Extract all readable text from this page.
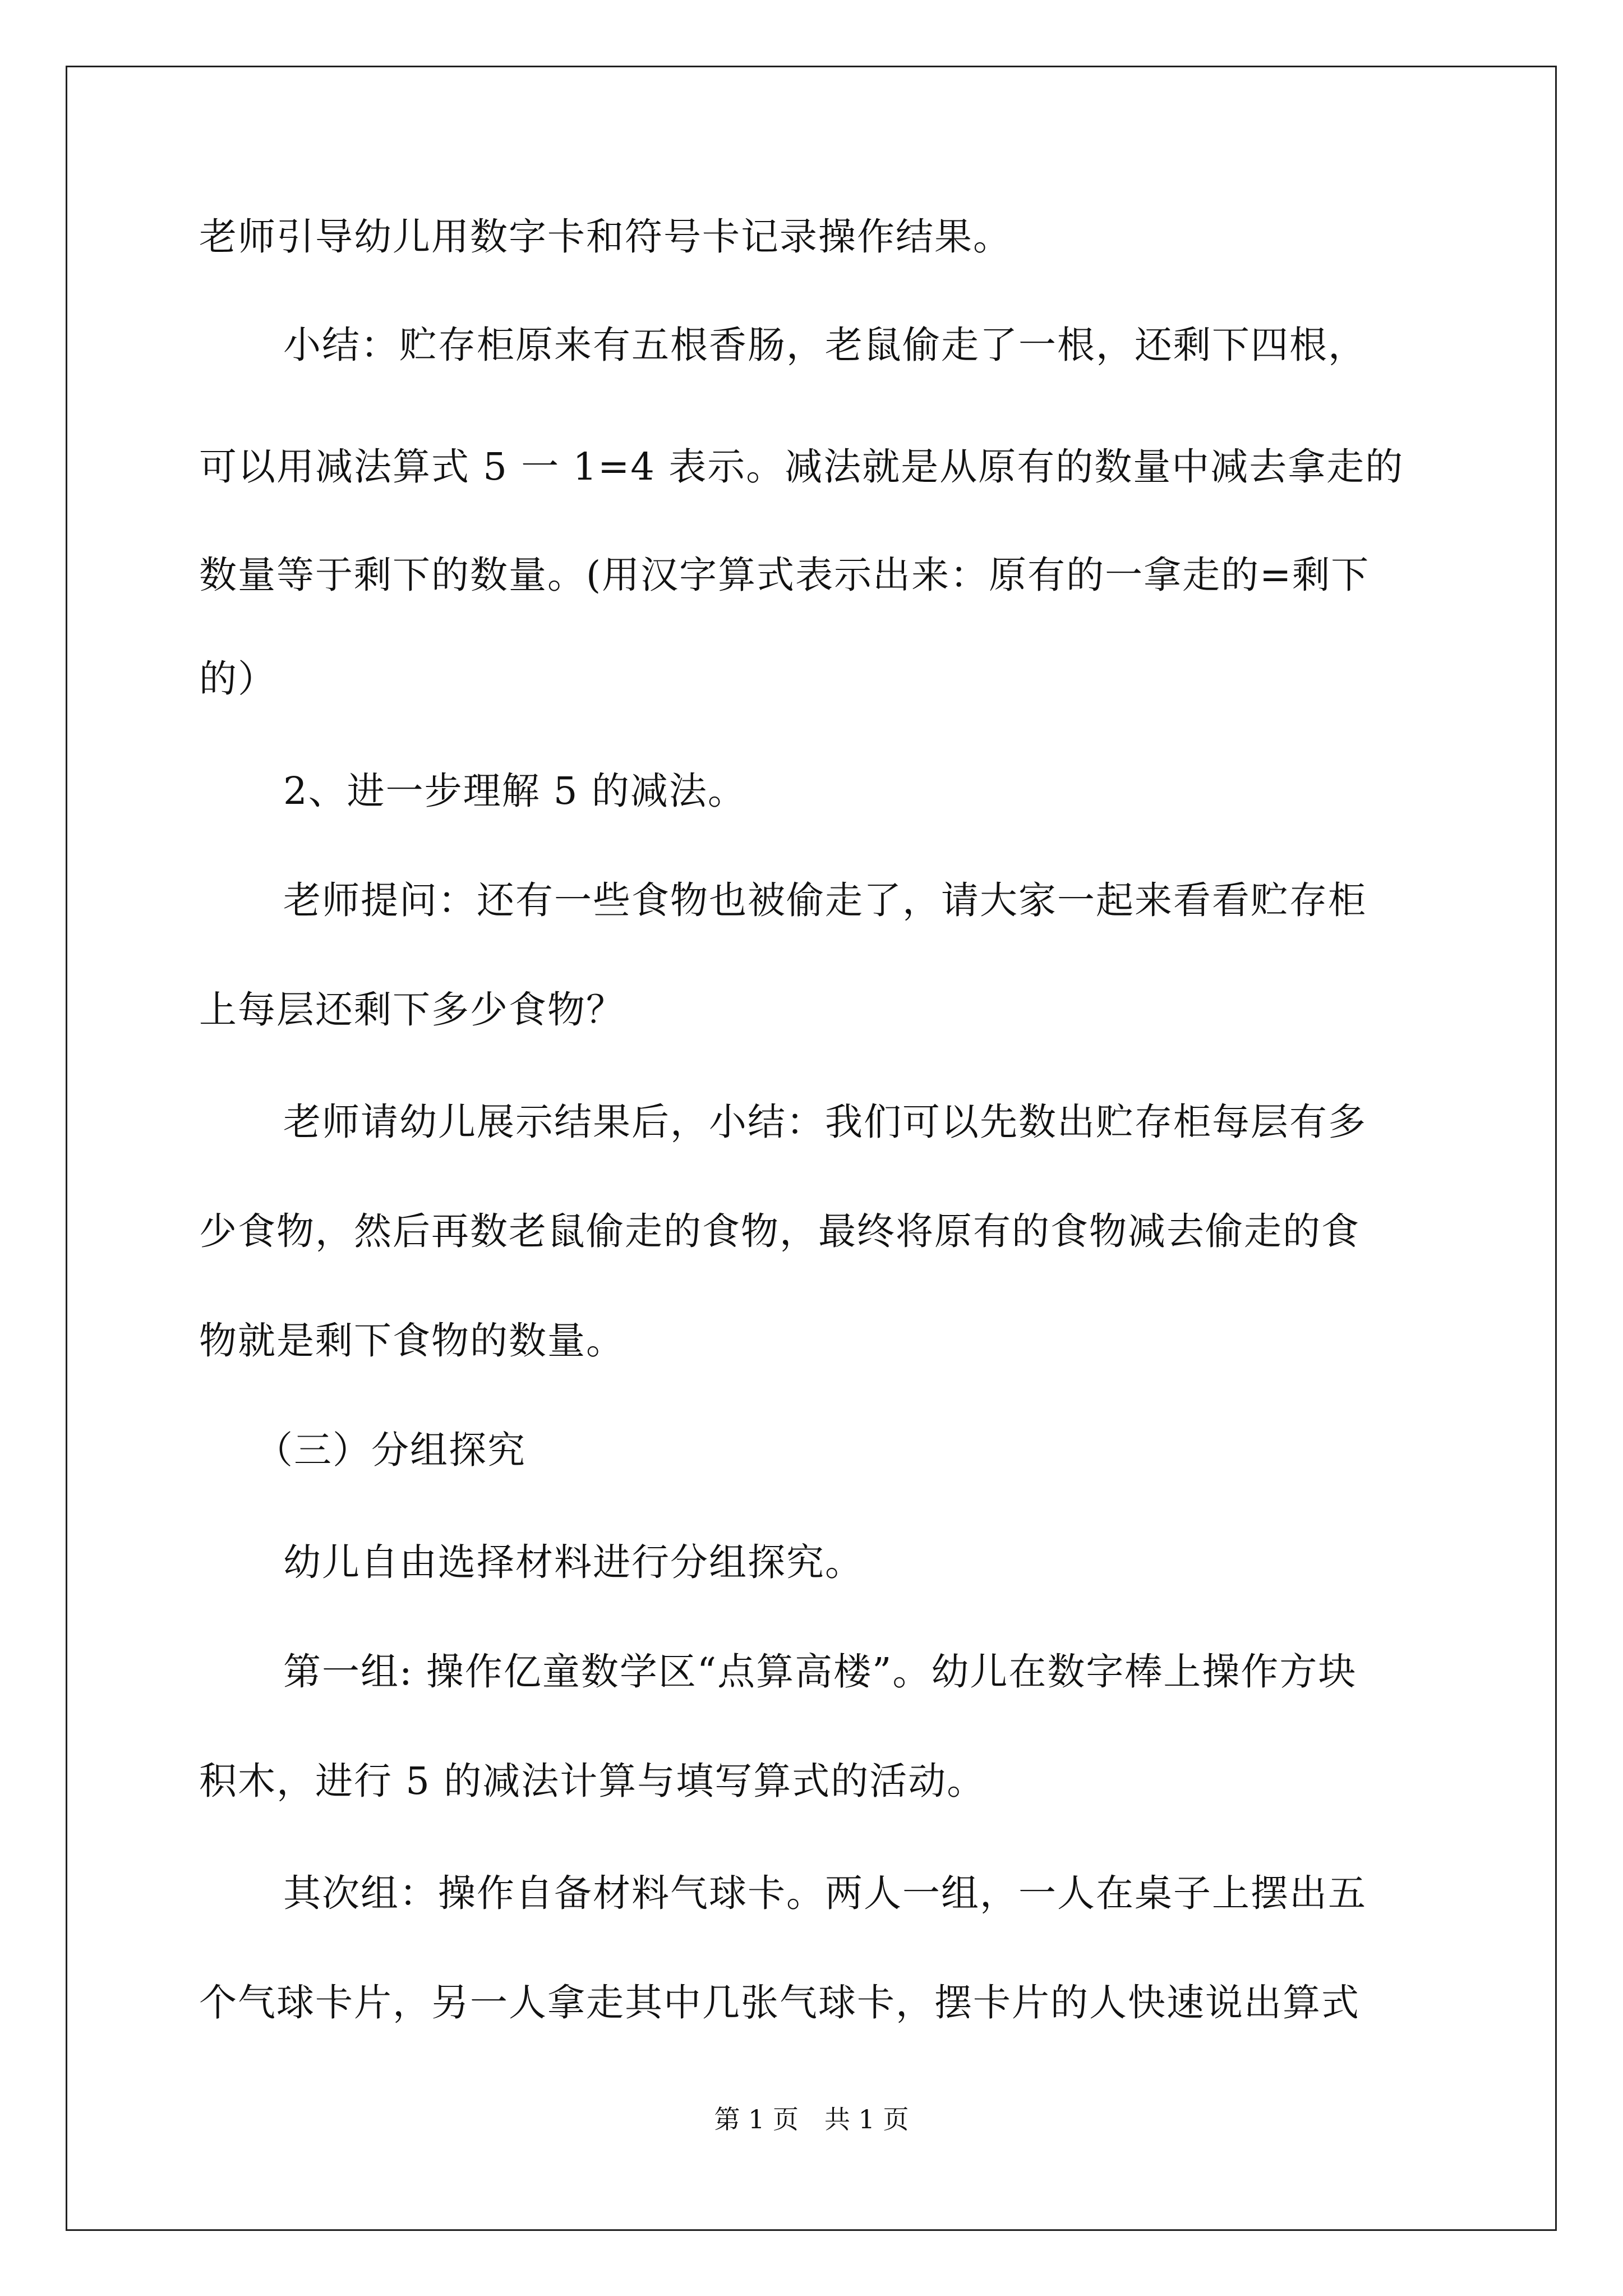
老师引导幼儿用数字卡和符号卡记录操作结果。
小结：贮存柜原来有五根香肠，老鼠偷走了一根，还剩下四根，
可以用减法算式 5 一 1=4 表示。减法就是从原有的数量中减去拿走的
数量等于剩下的数量。(用汉字算式表示出来：原有的一拿走的=剩下
的）
2、进一步理解 5 的减法。
老师提问：还有一些食物也被偷走了，请大家一起来看看贮存柜
上每层还剩下多少食物？
老师请幼儿展示结果后，小结：我们可以先数出贮存柜每层有多
少食物，然后再数老鼠偷走的食物，最终将原有的食物减去偷走的食
物就是剩下食物的数量。
（三）分组探究
幼儿自由选择材料进行分组探究。
第一组: 操作亿童数学区“点算高楼”。幼儿在数字棒上操作方块
积木，进行 5 的减法计算与填写算式的活动。
其次组：操作自备材料气球卡。两人一组，一人在桌子上摆出五
个气球卡片，另一人拿走其中几张气球卡，摆卡片的人快速说出算式
第 1 页　共 1 页
